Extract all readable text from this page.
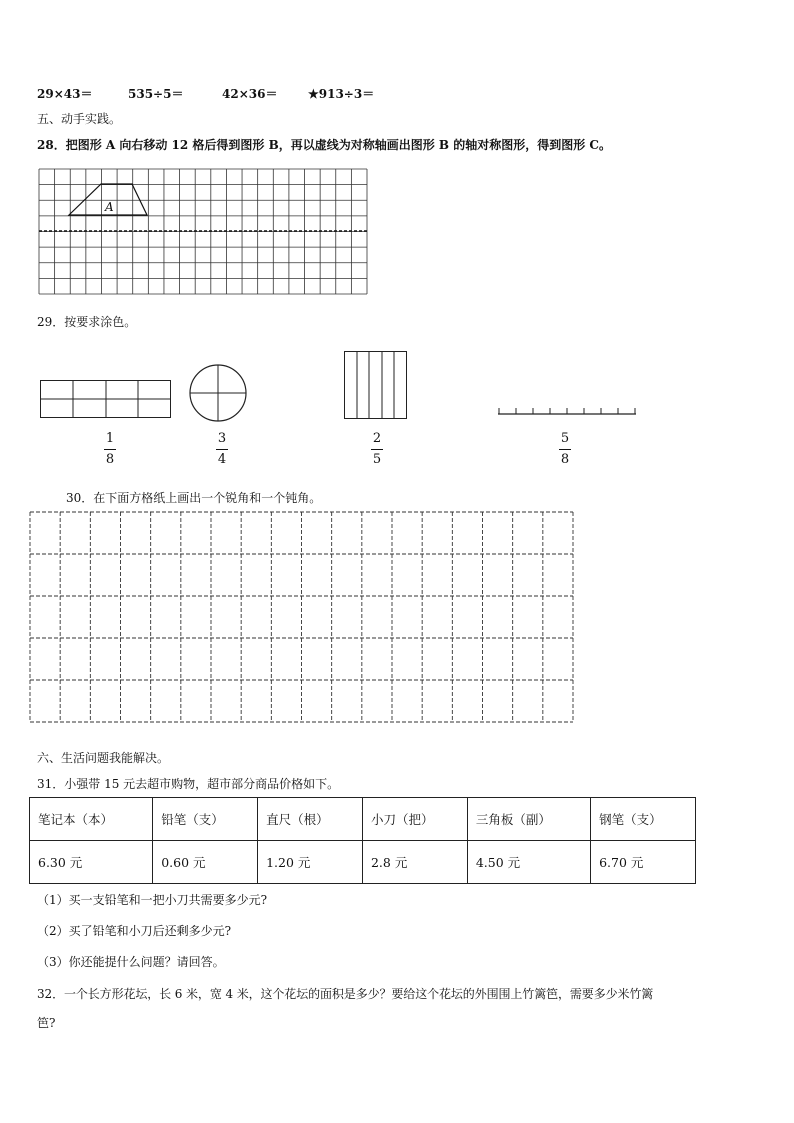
29×43＝	535÷5＝	42×36＝	★913÷3＝
五、动手实践。
28．把图形 A 向右移动 12 格后得到图形 B，再以虚线为对称轴画出图形 B 的轴对称图形，得到图形 C。
A
29．按要求涂色。
1
8
3
4
2
5
5
8
30．在下面方格纸上画出一个锐角和一个钝角。
六、生活问题我能解决。
31．小强带 15 元去超市购物，超市部分商品价格如下。
笔记本（本）	铅笔（支）	直尺（根）	小刀（把）	三角板（副）	钢笔（支）
6.30 元	0.60 元	1.20 元	2.8 元	4.50 元	6.70 元
（1）买一支铅笔和一把小刀共需要多少元?
（2）买了铅笔和小刀后还剩多少元?
（3）你还能提什么问题？请回答。
32．一个长方形花坛，长 6 米，宽 4 米，这个花坛的面积是多少？要给这个花坛的外围围上竹篱笆，需要多少米竹篱
笆?
